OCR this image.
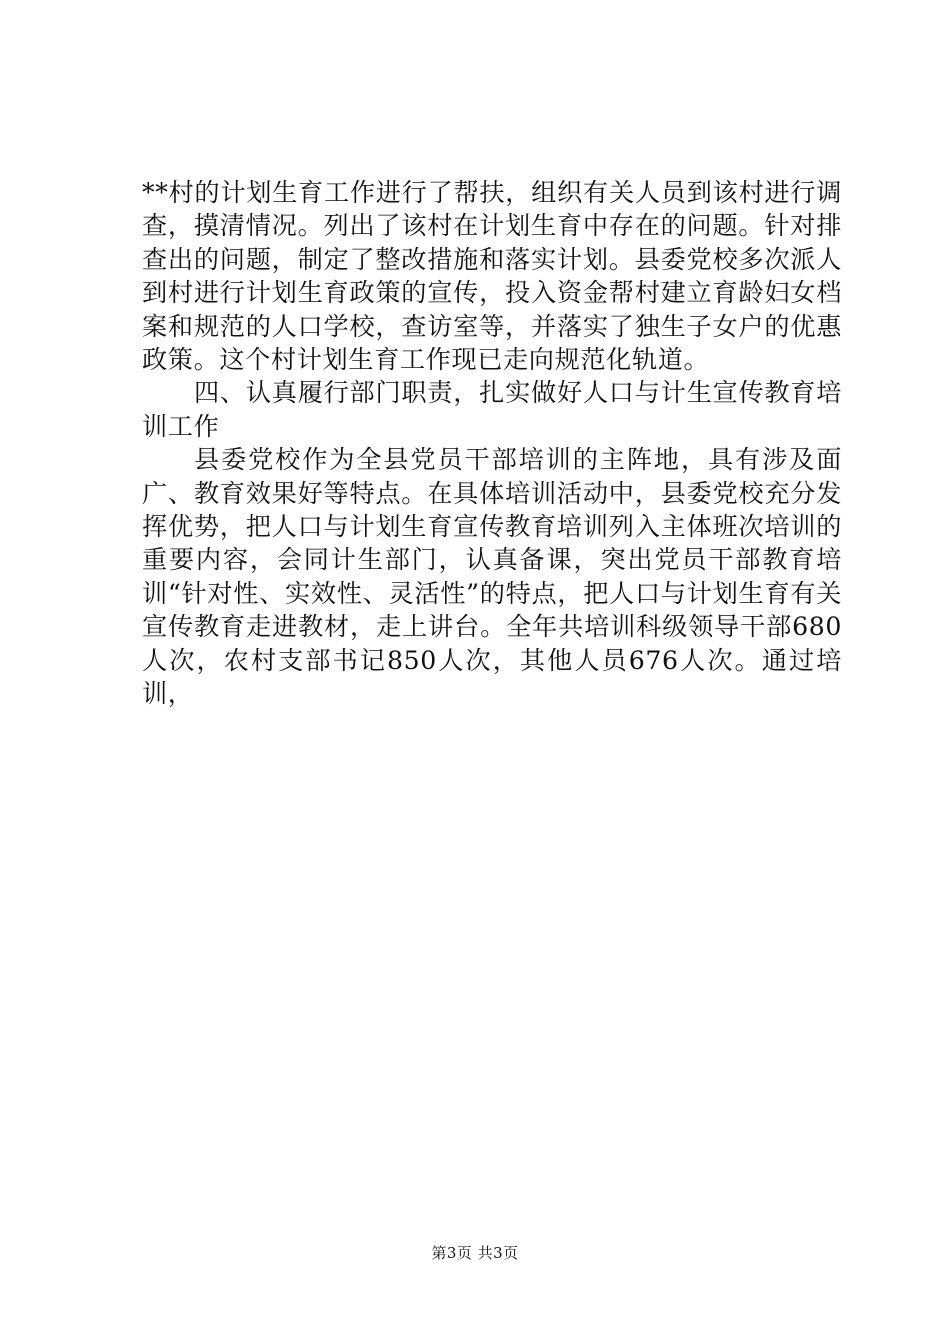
**村的计划生育工作进行了帮扶，组织有关人员到该村进行调查，摸清情况。列出了该村在计划生育中存在的问题。针对排查出的问题，制定了整改措施和落实计划。县委党校多次派人到村进行计划生育政策的宣传，投入资金帮村建立育龄妇女档案和规范的人口学校，查访室等，并落实了独生子女户的优惠政策。这个村计划生育工作现已走向规范化轨道。

四、认真履行部门职责，扎实做好人口与计生宣传教育培训工作

县委党校作为全县党员干部培训的主阵地，具有涉及面广、教育效果好等特点。在具体培训活动中，县委党校充分发挥优势，把人口与计划生育宣传教育培训列入主体班次培训的重要内容，会同计生部门，认真备课，突出党员干部教育培训“针对性、实效性、灵活性”的特点，把人口与计划生育有关宣传教育走进教材，走上讲台。全年共培训科级领导干部680人次，农村支部书记850人次，其他人员676人次。通过培训，

第3页 共3页
